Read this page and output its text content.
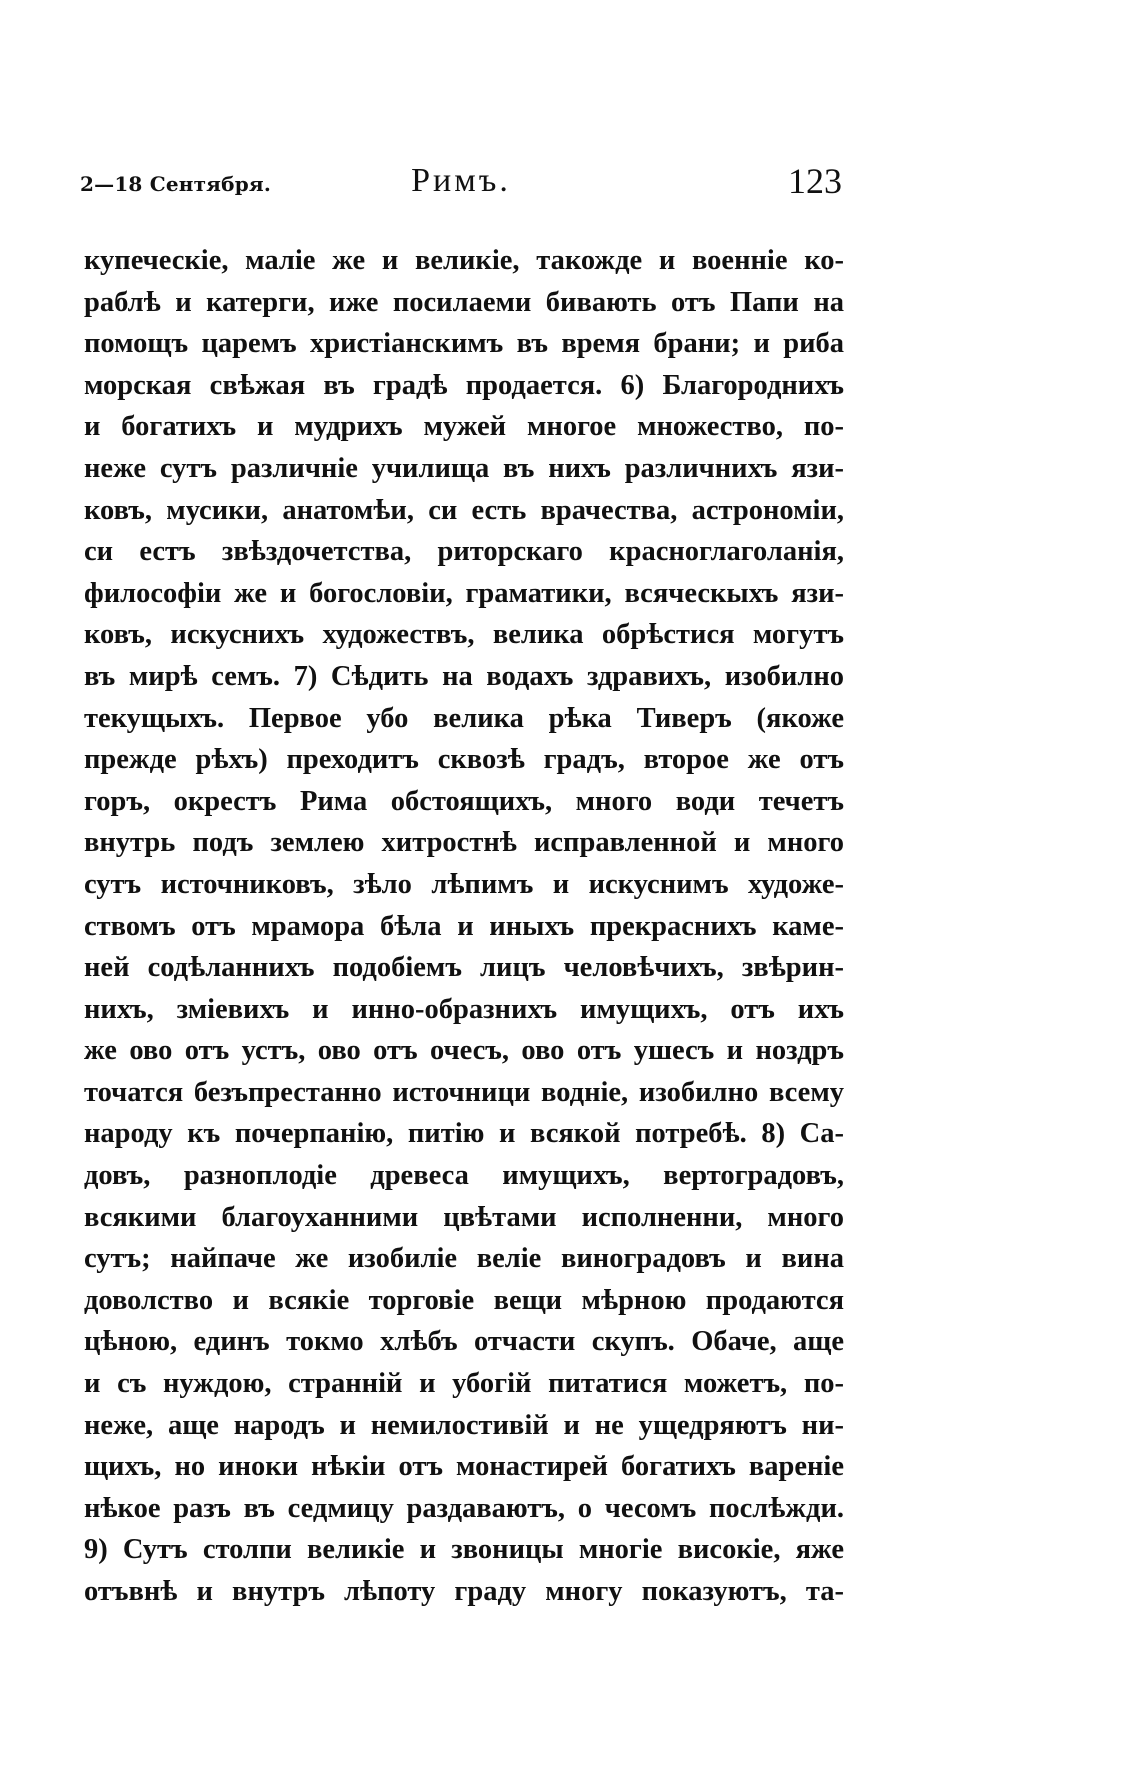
2—18 Сентября.	Римъ.	123
купеческіе, маліе же и великіе, такожде и военніе ко-
раблѣ и катерги, иже посилаеми бивають отъ Папи на
помощъ царемъ христіанскимъ въ время брани; и риба
морская свѣжая въ градѣ продается. 6) Благороднихъ
и богатихъ и мудрихъ мужей многое множество, по-
неже сутъ различніе училища въ нихъ различнихъ язи-
ковъ, мусики, анатомѣи, си есть врачества, астрономіи,
си естъ звѣздочетства, риторскаго красноглаголанія,
философіи же и богословіи, граматики, всяческыхъ язи-
ковъ, искуснихъ художествъ, велика обрѣстися могутъ
въ мирѣ семъ. 7) Сѣдить на водахъ здравихъ, изобилно
текущыхъ. Первое убо велика рѣка Тиверъ (якоже
прежде рѣхъ) преходитъ сквозѣ градъ, второе же отъ
горъ, окрестъ Рима обстоящихъ, много води течетъ
внутрь подъ землею хитростнѣ исправленной и много
сутъ источниковъ, зѣло лѣпимъ и искуснимъ художе-
ствомъ отъ мрамора бѣла и иныхъ прекраснихъ каме-
ней содѣланнихъ подобіемъ лицъ человѣчихъ, звѣрин-
нихъ, зміевихъ и инно-образнихъ имущихъ, отъ ихъ
же ово отъ устъ, ово отъ очесъ, ово отъ ушесъ и ноздръ
точатся безъпрестанно источници водніе, изобилно всему
народу къ почерпанію, питію и всякой потребѣ. 8) Са-
довъ, разноплодіе древеса имущихъ, вертоградовъ,
всякими благоуханними цвѣтами исполненни, много
сутъ; найпаче же изобиліе веліе виноградовъ и вина
доволство и всякіе торговіе вещи мѣрною продаются
цѣною, единъ токмо хлѣбъ отчасти скупъ. Обаче, аще
и съ нуждою, странній и убогій питатися можетъ, по-
неже, аще народъ и немилостивій и не ущедряютъ ни-
щихъ, но иноки нѣкіи отъ монастирей богатихъ вареніе
нѣкое разъ въ седмицу раздаваютъ, о чесомъ послѣжди.
9) Сутъ столпи великіе и звоницы многіе високіе, яже
отъвнѣ и внутръ лѣпоту граду многу показуютъ, та-
